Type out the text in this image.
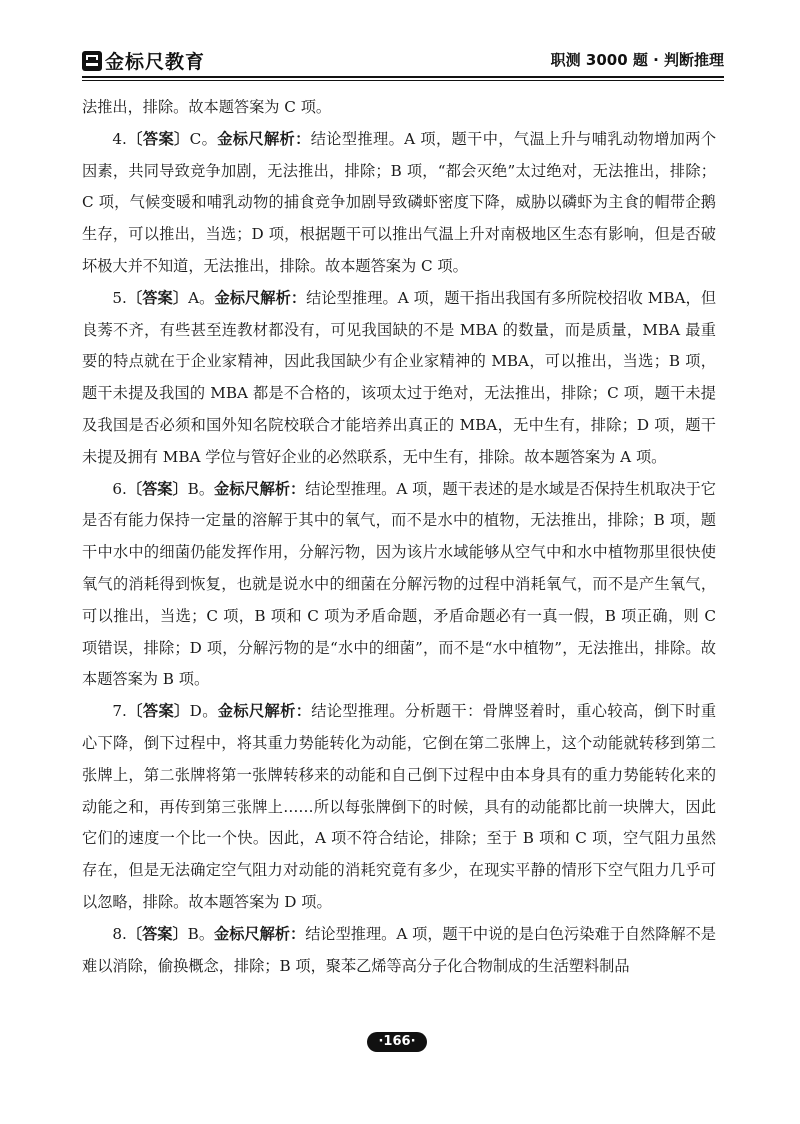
金标尺教育	职测 3000 题 · 判断推理

法推出，排除。故本题答案为 C 项。

4.〔答案〕C。金标尺解析：结论型推理。A 项，题干中，气温上升与哺乳动物增加两个因素，共同导致竞争加剧，无法推出，排除；B 项，“都会灭绝”太过绝对，无法推出，排除；C 项，气候变暖和哺乳动物的捕食竞争加剧导致磷虾密度下降，威胁以磷虾为主食的帽带企鹅生存，可以推出，当选；D 项，根据题干可以推出气温上升对南极地区生态有影响，但是否破坏极大并不知道，无法推出，排除。故本题答案为 C 项。

5.〔答案〕A。金标尺解析：结论型推理。A 项，题干指出我国有多所院校招收 MBA，但良莠不齐，有些甚至连教材都没有，可见我国缺的不是 MBA 的数量，而是质量，MBA 最重要的特点就在于企业家精神，因此我国缺少有企业家精神的 MBA，可以推出，当选；B 项，题干未提及我国的 MBA 都是不合格的，该项太过于绝对，无法推出，排除；C 项，题干未提及我国是否必须和国外知名院校联合才能培养出真正的 MBA，无中生有，排除；D 项，题干未提及拥有 MBA 学位与管好企业的必然联系，无中生有，排除。故本题答案为 A 项。

6.〔答案〕B。金标尺解析：结论型推理。A 项，题干表述的是水域是否保持生机取决于它是否有能力保持一定量的溶解于其中的氧气，而不是水中的植物，无法推出，排除；B 项，题干中水中的细菌仍能发挥作用，分解污物，因为该片水域能够从空气中和水中植物那里很快使氧气的消耗得到恢复，也就是说水中的细菌在分解污物的过程中消耗氧气，而不是产生氧气，可以推出，当选；C 项，B 项和 C 项为矛盾命题，矛盾命题必有一真一假，B 项正确，则 C 项错误，排除；D 项，分解污物的是“水中的细菌”，而不是“水中植物”，无法推出，排除。故本题答案为 B 项。

7.〔答案〕D。金标尺解析：结论型推理。分析题干：骨牌竖着时，重心较高，倒下时重心下降，倒下过程中，将其重力势能转化为动能，它倒在第二张牌上，这个动能就转移到第二张牌上，第二张牌将第一张牌转移来的动能和自己倒下过程中由本身具有的重力势能转化来的动能之和，再传到第三张牌上……所以每张牌倒下的时候，具有的动能都比前一块牌大，因此它们的速度一个比一个快。因此，A 项不符合结论，排除；至于 B 项和 C 项，空气阻力虽然存在，但是无法确定空气阻力对动能的消耗究竟有多少，在现实平静的情形下空气阻力几乎可以忽略，排除。故本题答案为 D 项。

8.〔答案〕B。金标尺解析：结论型推理。A 项，题干中说的是白色污染难于自然降解不是难以消除，偷换概念，排除；B 项，聚苯乙烯等高分子化合物制成的生活塑料制品

·166·
